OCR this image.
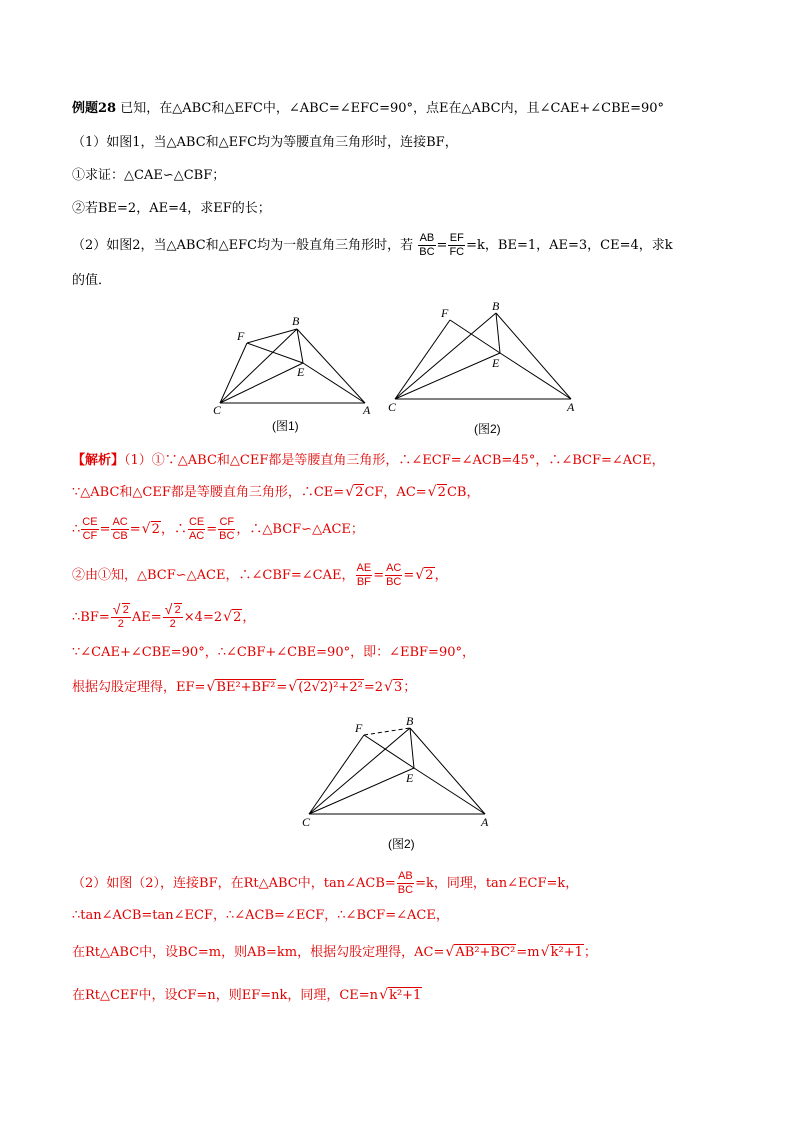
例题28 已知，在△ABC和△EFC中，∠ABC=∠EFC=90°，点E在△ABC内，且∠CAE+∠CBE=90°
（1）如图1，当△ABC和△EFC均为等腰直角三角形时，连接BF，
①求证：△CAE∽△CBF；
②若BE=2，AE=4，求EF的长；
（2）如图2，当△ABC和△EFC均为一般直角三角形时，若 $\frac{AB}{BC} = \frac{EF}{FC} =k$，BE=1，AE=3，CE=4，求k
的值．
B
F
E
C	A
(图1)
B
F
E
C	A
(图2)
【解析】（1）①∵△ABC和△CEF都是等腰直角三角形，∴∠ECF=∠ACB=45°，∴∠BCF=∠ACE，
∵△ABC和△CEF都是等腰直角三角形，∴CE=√ 2CF，AC=√ 2CB，
∴ $\frac{CE}{CF} = \frac{AC}{CB}$ =√ 2，∴ $\frac{CE}{AC} = \frac{CF}{BC}$ ，∴△BCF∽△ACE；
②由①知，△BCF∽△ACE，∴∠CBF=∠CAE， $\frac{AE}{BF} = \frac{AC}{BC}$ =√ 2，
∴BF=
√ $\frac{2}{2} AE=$
√ $\frac{2}{2} \times 4=2√$ 2，
∵∠CAE+∠CBE=90°，∴∠CBF+∠CBE=90°，即：∠EBF=90°，
根据勾股定理得，EF=√ BE²+BF²=√ (2√2)²+2²=2√ 3；
B
F
E
C	A
(图2)
（2）如图（2），连接BF，在Rt△ABC中，tan∠ACB= $\frac{AB}{BC} =k$，同理，tan∠ECF=k，
∴tan∠ACB=tan∠ECF，∴∠ACB=∠ECF，∴∠BCF=∠ACE，
在Rt△ABC中，设BC=m，则AB=km，根据勾股定理得，AC=√ AB²+BC²=m√ k²+1；
在Rt△CEF中，设CF=n，则EF=nk，同理，CE=n√ k²+1
